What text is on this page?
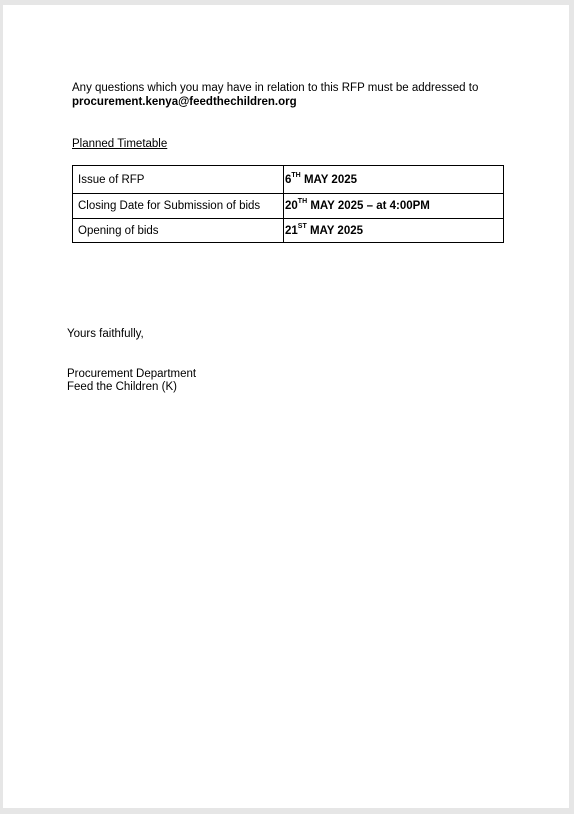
Any questions which you may have in relation to this RFP must be addressed to
procurement.kenya@feedthechildren.org
Planned Timetable
Issue of RFP	6TH MAY 2025
Closing Date for Submission of bids	20TH MAY 2025 – at 4:00PM
Opening of bids	21ST MAY 2025
Yours faithfully,
Procurement Department
Feed the Children (K)
